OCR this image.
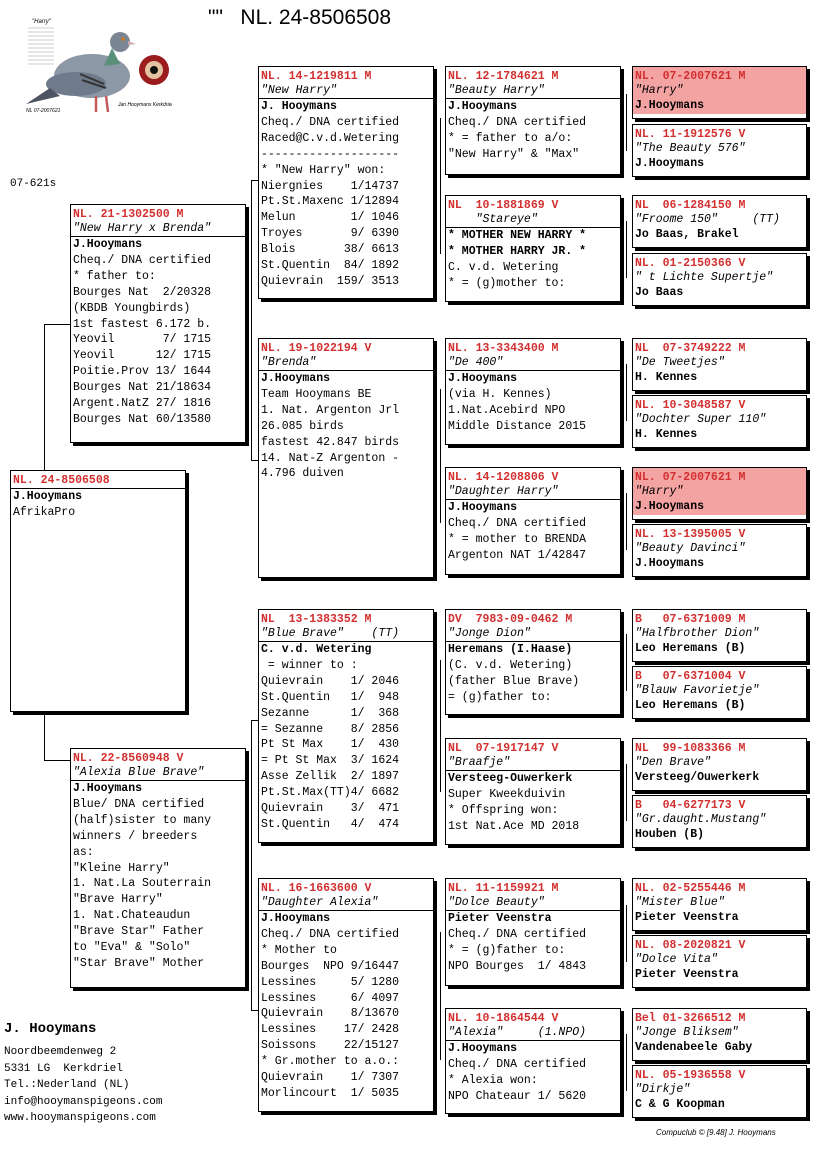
""   NL. 24-8506508
"Harry"
NL 07-2007621
Jan Hooymans Kerkdriel
07-621s
NL. 24-8506508
J.Hooymans
AfrikaPro
NL. 21-1302500 M
"New Harry x Brenda"
J.Hooymans
Cheq./ DNA certified
* father to:
Bourges Nat  2/20328
(KBDB Youngbirds)
1st fastest 6.172 b.
Yeovil       7/ 1715
Yeovil      12/ 1715
Poitie.Prov 13/ 1644
Bourges Nat 21/18634
Argent.NatZ 27/ 1816
Bourges Nat 60/13580
NL. 22-8560948 V
"Alexia Blue Brave"
J.Hooymans
Blue/ DNA certified
(half)sister to many
winners / breeders
as:
"Kleine Harry"
1. Nat.La Souterrain
"Brave Harry"
1. Nat.Chateaudun
"Brave Star" Father
to "Eva" & "Solo"
"Star Brave" Mother
NL. 14-1219811 M
"New Harry"
J. Hooymans
Cheq./ DNA certified
Raced@C.v.d.Wetering
--------------------
* "New Harry" won:
Niergnies    1/14737
Pt.St.Maxenc 1/12894
Melun        1/ 1046
Troyes       9/ 6390
Blois       38/ 6613
St.Quentin  84/ 1892
Quievrain  159/ 3513
NL. 19-1022194 V
"Brenda"
J.Hooymans
Team Hooymans BE
1. Nat. Argenton Jrl
26.085 birds
fastest 42.847 birds
14. Nat-Z Argenton -
4.796 duiven
NL  13-1383352 M
"Blue Brave"    (TT)
C. v.d. Wetering
= winner to :
Quievrain    1/ 2046
St.Quentin   1/  948
Sezanne      1/  368
= Sezanne    8/ 2856
Pt St Max    1/  430
= Pt St Max  3/ 1624
Asse Zellik  2/ 1897
Pt.St.Max(TT)4/ 6682
Quievrain    3/  471
St.Quentin   4/  474
NL. 16-1663600 V
"Daughter Alexia"
J.Hooymans
Cheq./ DNA certified
* Mother to
Bourges  NPO 9/16447
Lessines     5/ 1280
Lessines     6/ 4097
Quievrain    8/13670
Lessines    17/ 2428
Soissons    22/15127
* Gr.mother to a.o.:
Quievrain    1/ 7307
Morlincourt  1/ 5035
NL. 12-1784621 M
"Beauty Harry"
J.Hooymans
Cheq./ DNA certified
* = father to a/o:
"New Harry" & "Max"
NL  10-1881869 V
"Stareye"
* MOTHER NEW HARRY *
* MOTHER HARRY JR. *
C. v.d. Wetering
* = (g)mother to:
NL. 13-3343400 M
"De 400"
J.Hooymans
(via H. Kennes)
1.Nat.Acebird NPO
Middle Distance 2015
NL. 14-1208806 V
"Daughter Harry"
J.Hooymans
Cheq./ DNA certified
* = mother to BRENDA
Argenton NAT 1/42847
DV  7983-09-0462 M
"Jonge Dion"
Heremans (I.Haase)
(C. v.d. Wetering)
(father Blue Brave)
= (g)father to:
NL  07-1917147 V
"Braafje"
Versteeg-Ouwerkerk
Super Kweekduivin
* Offspring won:
1st Nat.Ace MD 2018
NL. 11-1159921 M
"Dolce Beauty"
Pieter Veenstra
Cheq./ DNA certified
* = (g)father to:
NPO Bourges  1/ 4843
NL. 10-1864544 V
"Alexia"     (1.NPO)
J.Hooymans
Cheq./ DNA certified
* Alexia won:
NPO Chateaur 1/ 5620
NL. 07-2007621 M
"Harry"
J.Hooymans
NL. 11-1912576 V
"The Beauty 576"
J.Hooymans
NL  06-1284150 M
"Froome 150"     (TT)
Jo Baas, Brakel
NL. 01-2150366 V
" t Lichte Supertje"
Jo Baas
NL  07-3749222 M
"De Tweetjes"
H. Kennes
NL. 10-3048587 V
"Dochter Super 110"
H. Kennes
NL. 07-2007621 M
"Harry"
J.Hooymans
NL. 13-1395005 V
"Beauty Davinci"
J.Hooymans
B   07-6371009 M
"Halfbrother Dion"
Leo Heremans (B)
B   07-6371004 V
"Blauw Favorietje"
Leo Heremans (B)
NL  99-1083366 M
"Den Brave"
Versteeg/Ouwerkerk
B   04-6277173 V
"Gr.daught.Mustang"
Houben (B)
NL. 02-5255446 M
"Mister Blue"
Pieter Veenstra
NL. 08-2020821 V
"Dolce Vita"
Pieter Veenstra
Bel 01-3266512 M
"Jonge Bliksem"
Vandenabeele Gaby
NL. 05-1936558 V
"Dirkje"
C & G Koopman
J. Hooymans
Noordbeemdenweg 2
5331 LG  Kerkdriel
Tel.:Nederland (NL)
info@hooymanspigeons.com
www.hooymanspigeons.com
Compuclub © [9.48] J. Hooymans
